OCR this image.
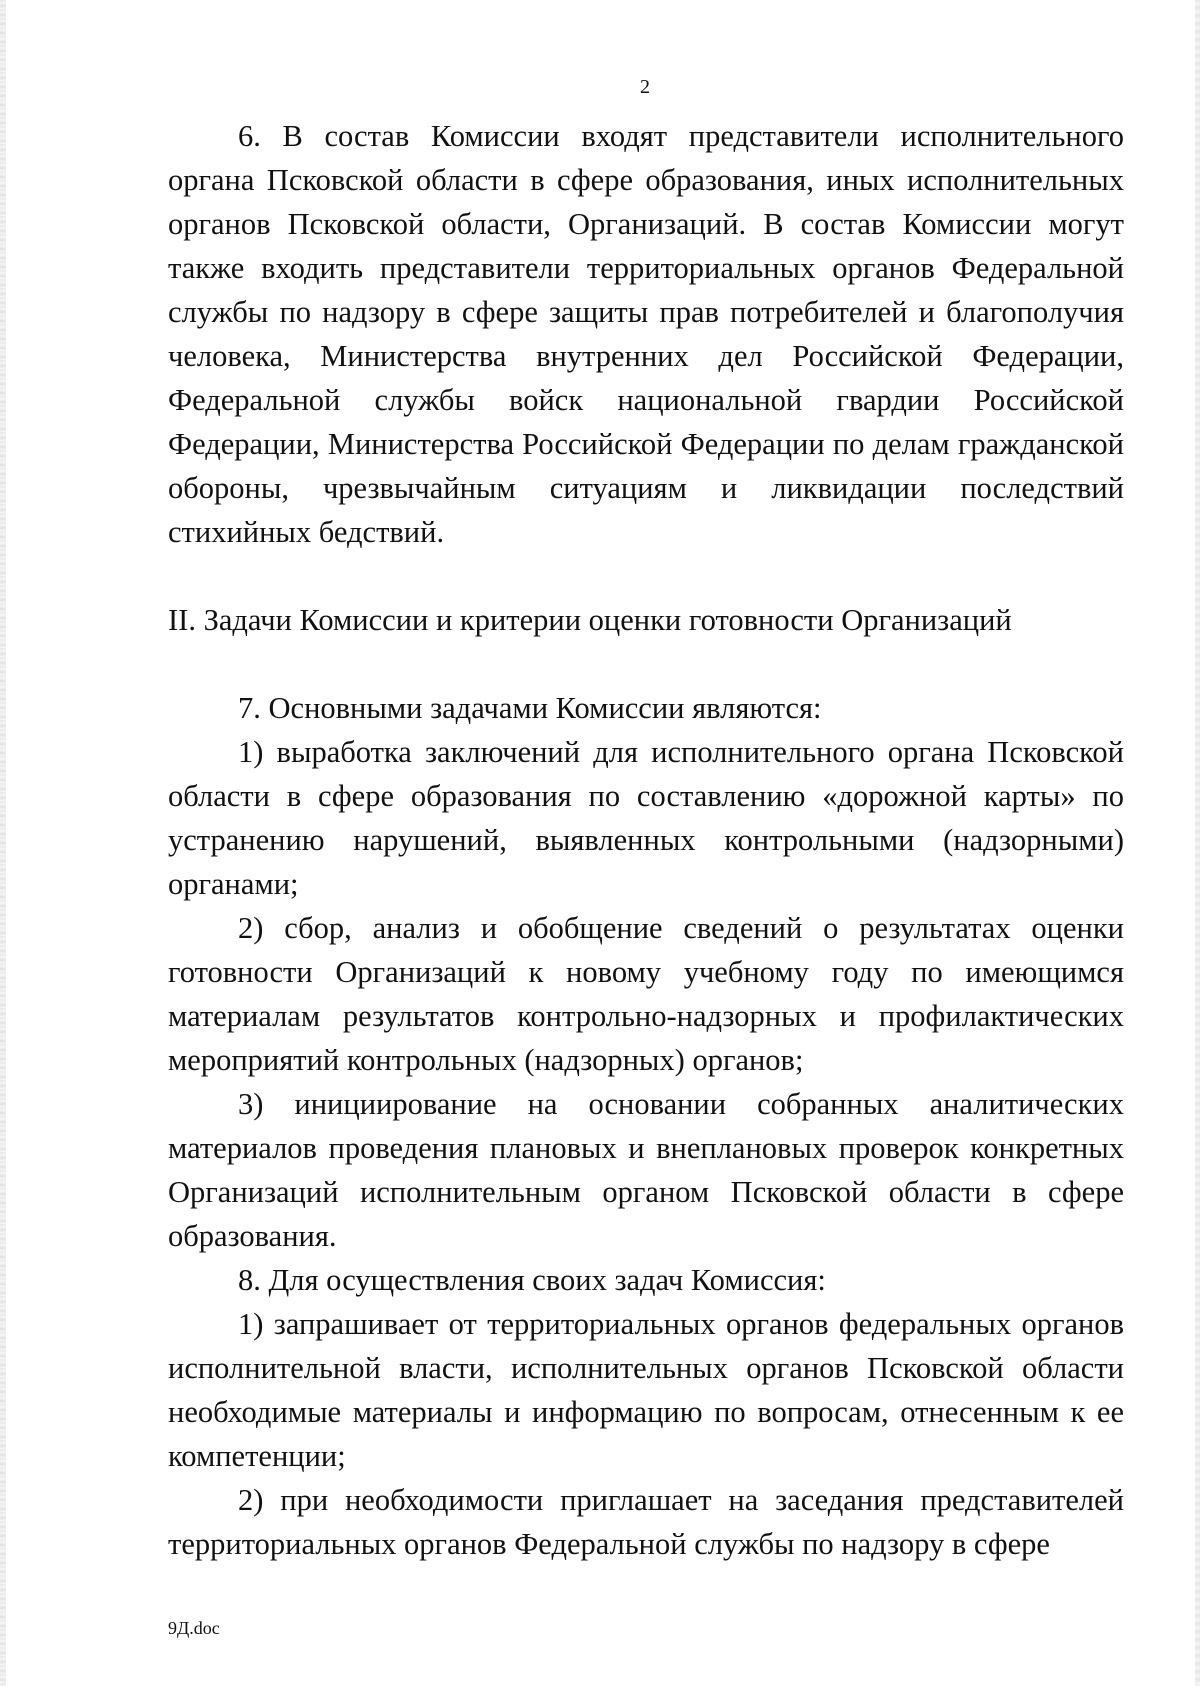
2

6. В состав Комиссии входят представители исполнительного органа Псковской области в сфере образования, иных исполнительных органов Псковской области, Организаций. В состав Комиссии могут также входить представители территориальных органов Федеральной службы по надзору в сфере защиты прав потребителей и благополучия человека, Министерства внутренних дел Российской Федерации, Федеральной службы войск национальной гвардии Российской Федерации, Министерства Российской Федерации по делам гражданской обороны, чрезвычайным ситуациям и ликвидации последствий стихийных бедствий.

II. Задачи Комиссии и критерии оценки готовности Организаций

7. Основными задачами Комиссии являются:

1) выработка заключений для исполнительного органа Псковской области в сфере образования по составлению «дорожной карты» по устранению нарушений, выявленных контрольными (надзорными) органами;

2) сбор, анализ и обобщение сведений о результатах оценки готовности Организаций к новому учебному году по имеющимся материалам результатов контрольно-надзорных и профилактических мероприятий контрольных (надзорных) органов;

3) инициирование на основании собранных аналитических материалов проведения плановых и внеплановых проверок конкретных Организаций исполнительным органом Псковской области в сфере образования.

8. Для осуществления своих задач Комиссия:

1) запрашивает от территориальных органов федеральных органов исполнительной власти, исполнительных органов Псковской области необходимые материалы и информацию по вопросам, отнесенным к ее компетенции;

2) при необходимости приглашает на заседания представителей территориальных органов Федеральной службы по надзору в сфере

9Д.doc
